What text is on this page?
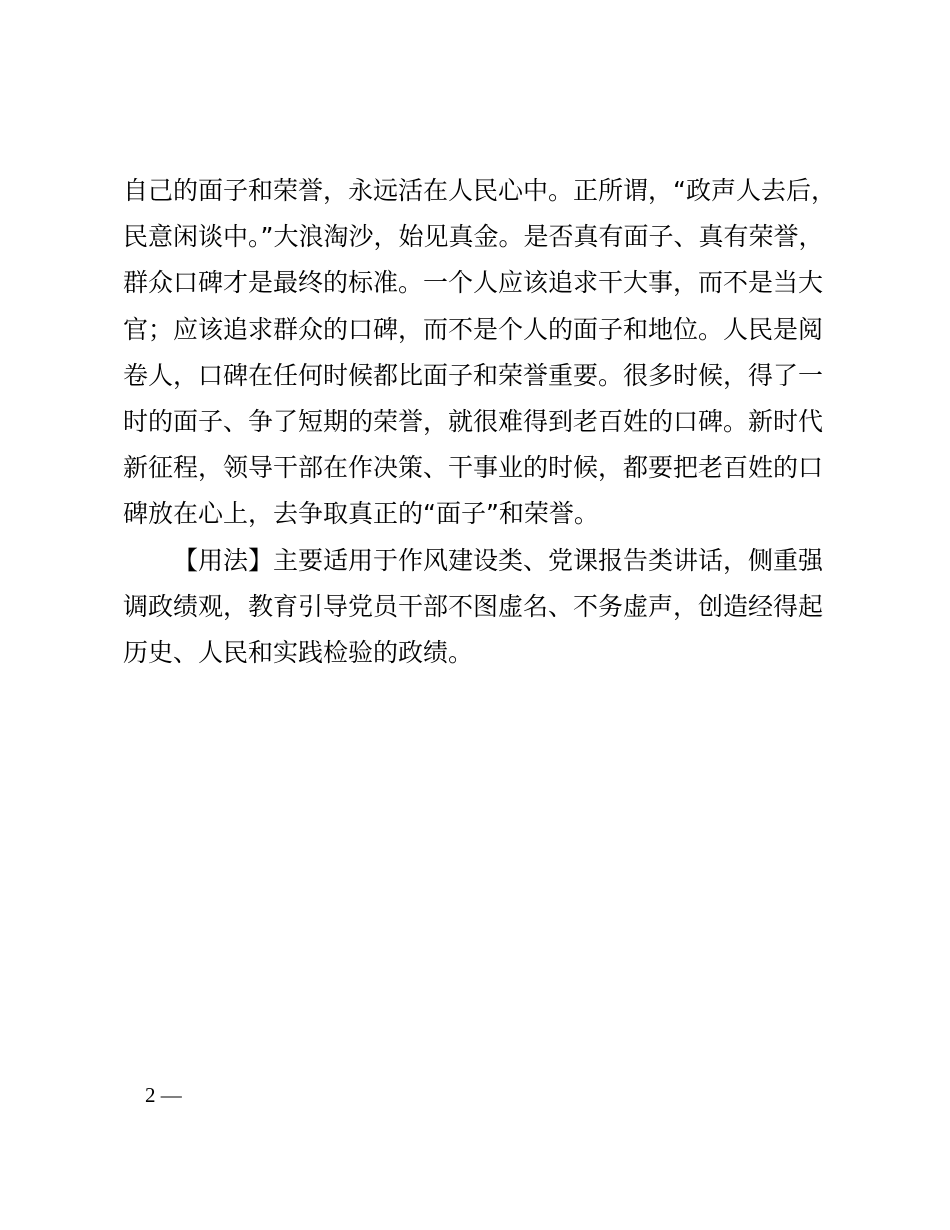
自己的面子和荣誉，永远活在人民心中。正所谓，“政声人去后，
民意闲谈中。”大浪淘沙，始见真金。是否真有面子、真有荣誉，
群众口碑才是最终的标准。一个人应该追求干大事，而不是当大
官；应该追求群众的口碑，而不是个人的面子和地位。人民是阅
卷人，口碑在任何时候都比面子和荣誉重要。很多时候，得了一
时的面子、争了短期的荣誉，就很难得到老百姓的口碑。新时代
新征程，领导干部在作决策、干事业的时候，都要把老百姓的口
碑放在心上，去争取真正的“面子”和荣誉。
【用法】主要适用于作风建设类、党课报告类讲话，侧重强
调政绩观，教育引导党员干部不图虚名、不务虚声，创造经得起
历史、人民和实践检验的政绩。
2 —
